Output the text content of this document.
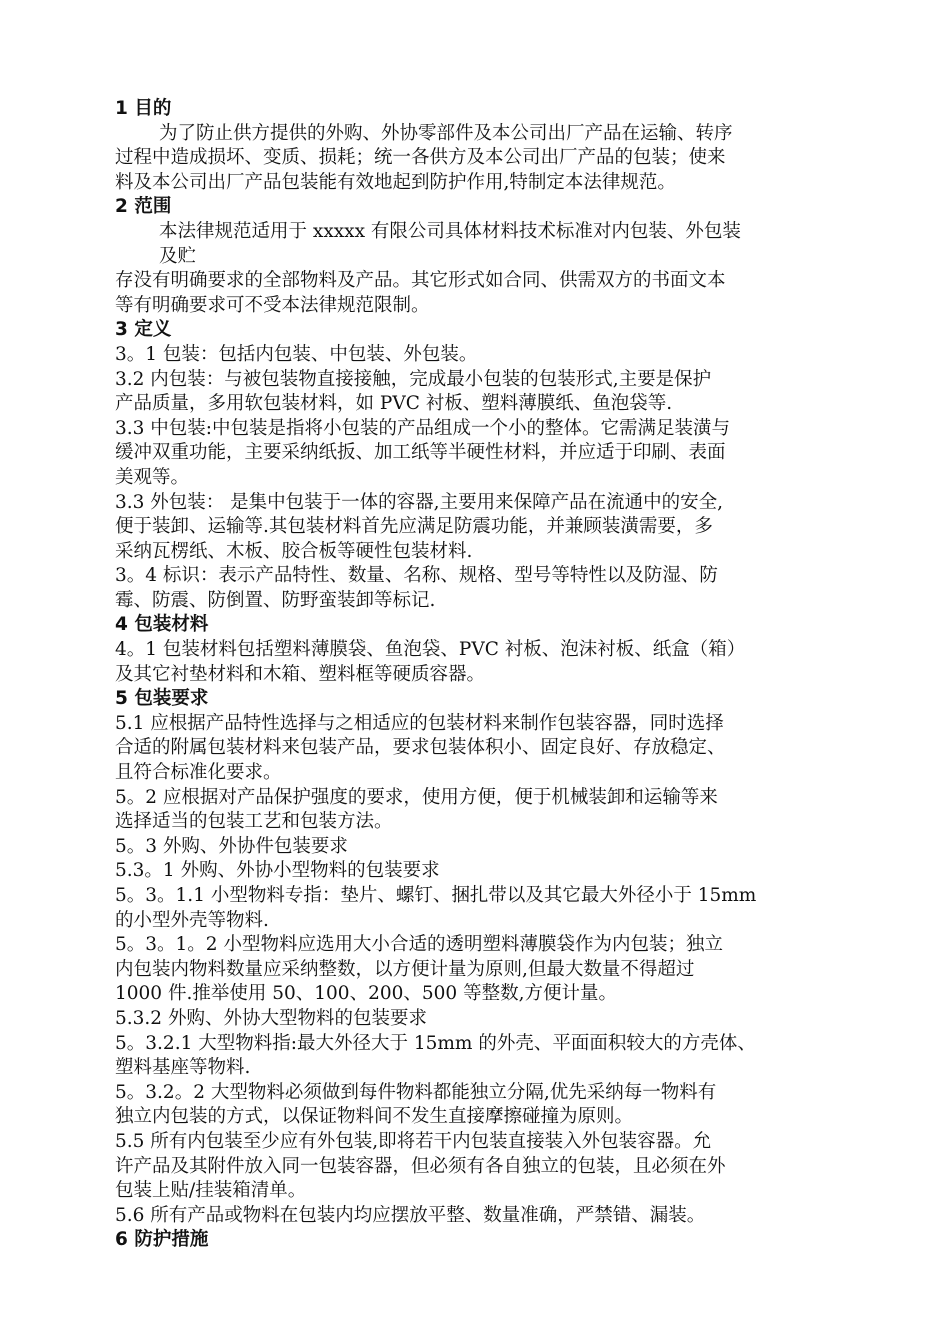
1 目的
为了防止供方提供的外购、外协零部件及本公司出厂产品在运输、转序
过程中造成损坏、变质、损耗；统一各供方及本公司出厂产品的包装；使来
料及本公司出厂产品包装能有效地起到防护作用,特制定本法律规范。
2 范围
本法律规范适用于 xxxxx 有限公司具体材料技术标准对内包装、外包装
及贮
存没有明确要求的全部物料及产品。其它形式如合同、供需双方的书面文本
等有明确要求可不受本法律规范限制。
3 定义
3。1 包装：包括内包装、中包装、外包装。
3.2 内包装：与被包装物直接接触，完成最小包装的包装形式,主要是保护
产品质量，多用软包装材料，如 PVC 衬板、塑料薄膜纸、鱼泡袋等.
3.3 中包装:中包装是指将小包装的产品组成一个小的整体。它需满足装潢与
缓冲双重功能，主要采纳纸扳、加工纸等半硬性材料，并应适于印刷、表面
美观等。
3.3 外包装： 是集中包装于一体的容器,主要用来保障产品在流通中的安全,
便于装卸、运输等.其包装材料首先应满足防震功能，并兼顾装潢需要，多
采纳瓦楞纸、木板、胶合板等硬性包装材料.
3。4 标识：表示产品特性、数量、名称、规格、型号等特性以及防湿、防
霉、防震、防倒置、防野蛮装卸等标记.
4 包装材料
4。1 包装材料包括塑料薄膜袋、鱼泡袋、PVC 衬板、泡沫衬板、纸盒（箱）
及其它衬垫材料和木箱、塑料框等硬质容器。
5 包装要求
5.1 应根据产品特性选择与之相适应的包装材料来制作包装容器，同时选择
合适的附属包装材料来包装产品，要求包装体积小、固定良好、存放稳定、
且符合标准化要求。
5。2 应根据对产品保护强度的要求，使用方便，便于机械装卸和运输等来
选择适当的包装工艺和包装方法。
5。3 外购、外协件包装要求
5.3。1 外购、外协小型物料的包装要求
5。3。1.1 小型物料专指：垫片、螺钉、捆扎带以及其它最大外径小于 15mm
的小型外壳等物料.
5。3。1。2 小型物料应选用大小合适的透明塑料薄膜袋作为内包装；独立
内包装内物料数量应采纳整数，以方便计量为原则,但最大数量不得超过
1000 件.推举使用 50、100、200、500 等整数,方便计量。
5.3.2 外购、外协大型物料的包装要求
5。3.2.1 大型物料指:最大外径大于 15mm 的外壳、平面面积较大的方壳体、
塑料基座等物料.
5。3.2。2 大型物料必须做到每件物料都能独立分隔,优先采纳每一物料有
独立内包装的方式，以保证物料间不发生直接摩擦碰撞为原则。
5.5 所有内包装至少应有外包装,即将若干内包装直接装入外包装容器。允
许产品及其附件放入同一包装容器，但必须有各自独立的包装，且必须在外
包装上贴/挂装箱清单。
5.6 所有产品或物料在包装内均应摆放平整、数量准确，严禁错、漏装。
6 防护措施
